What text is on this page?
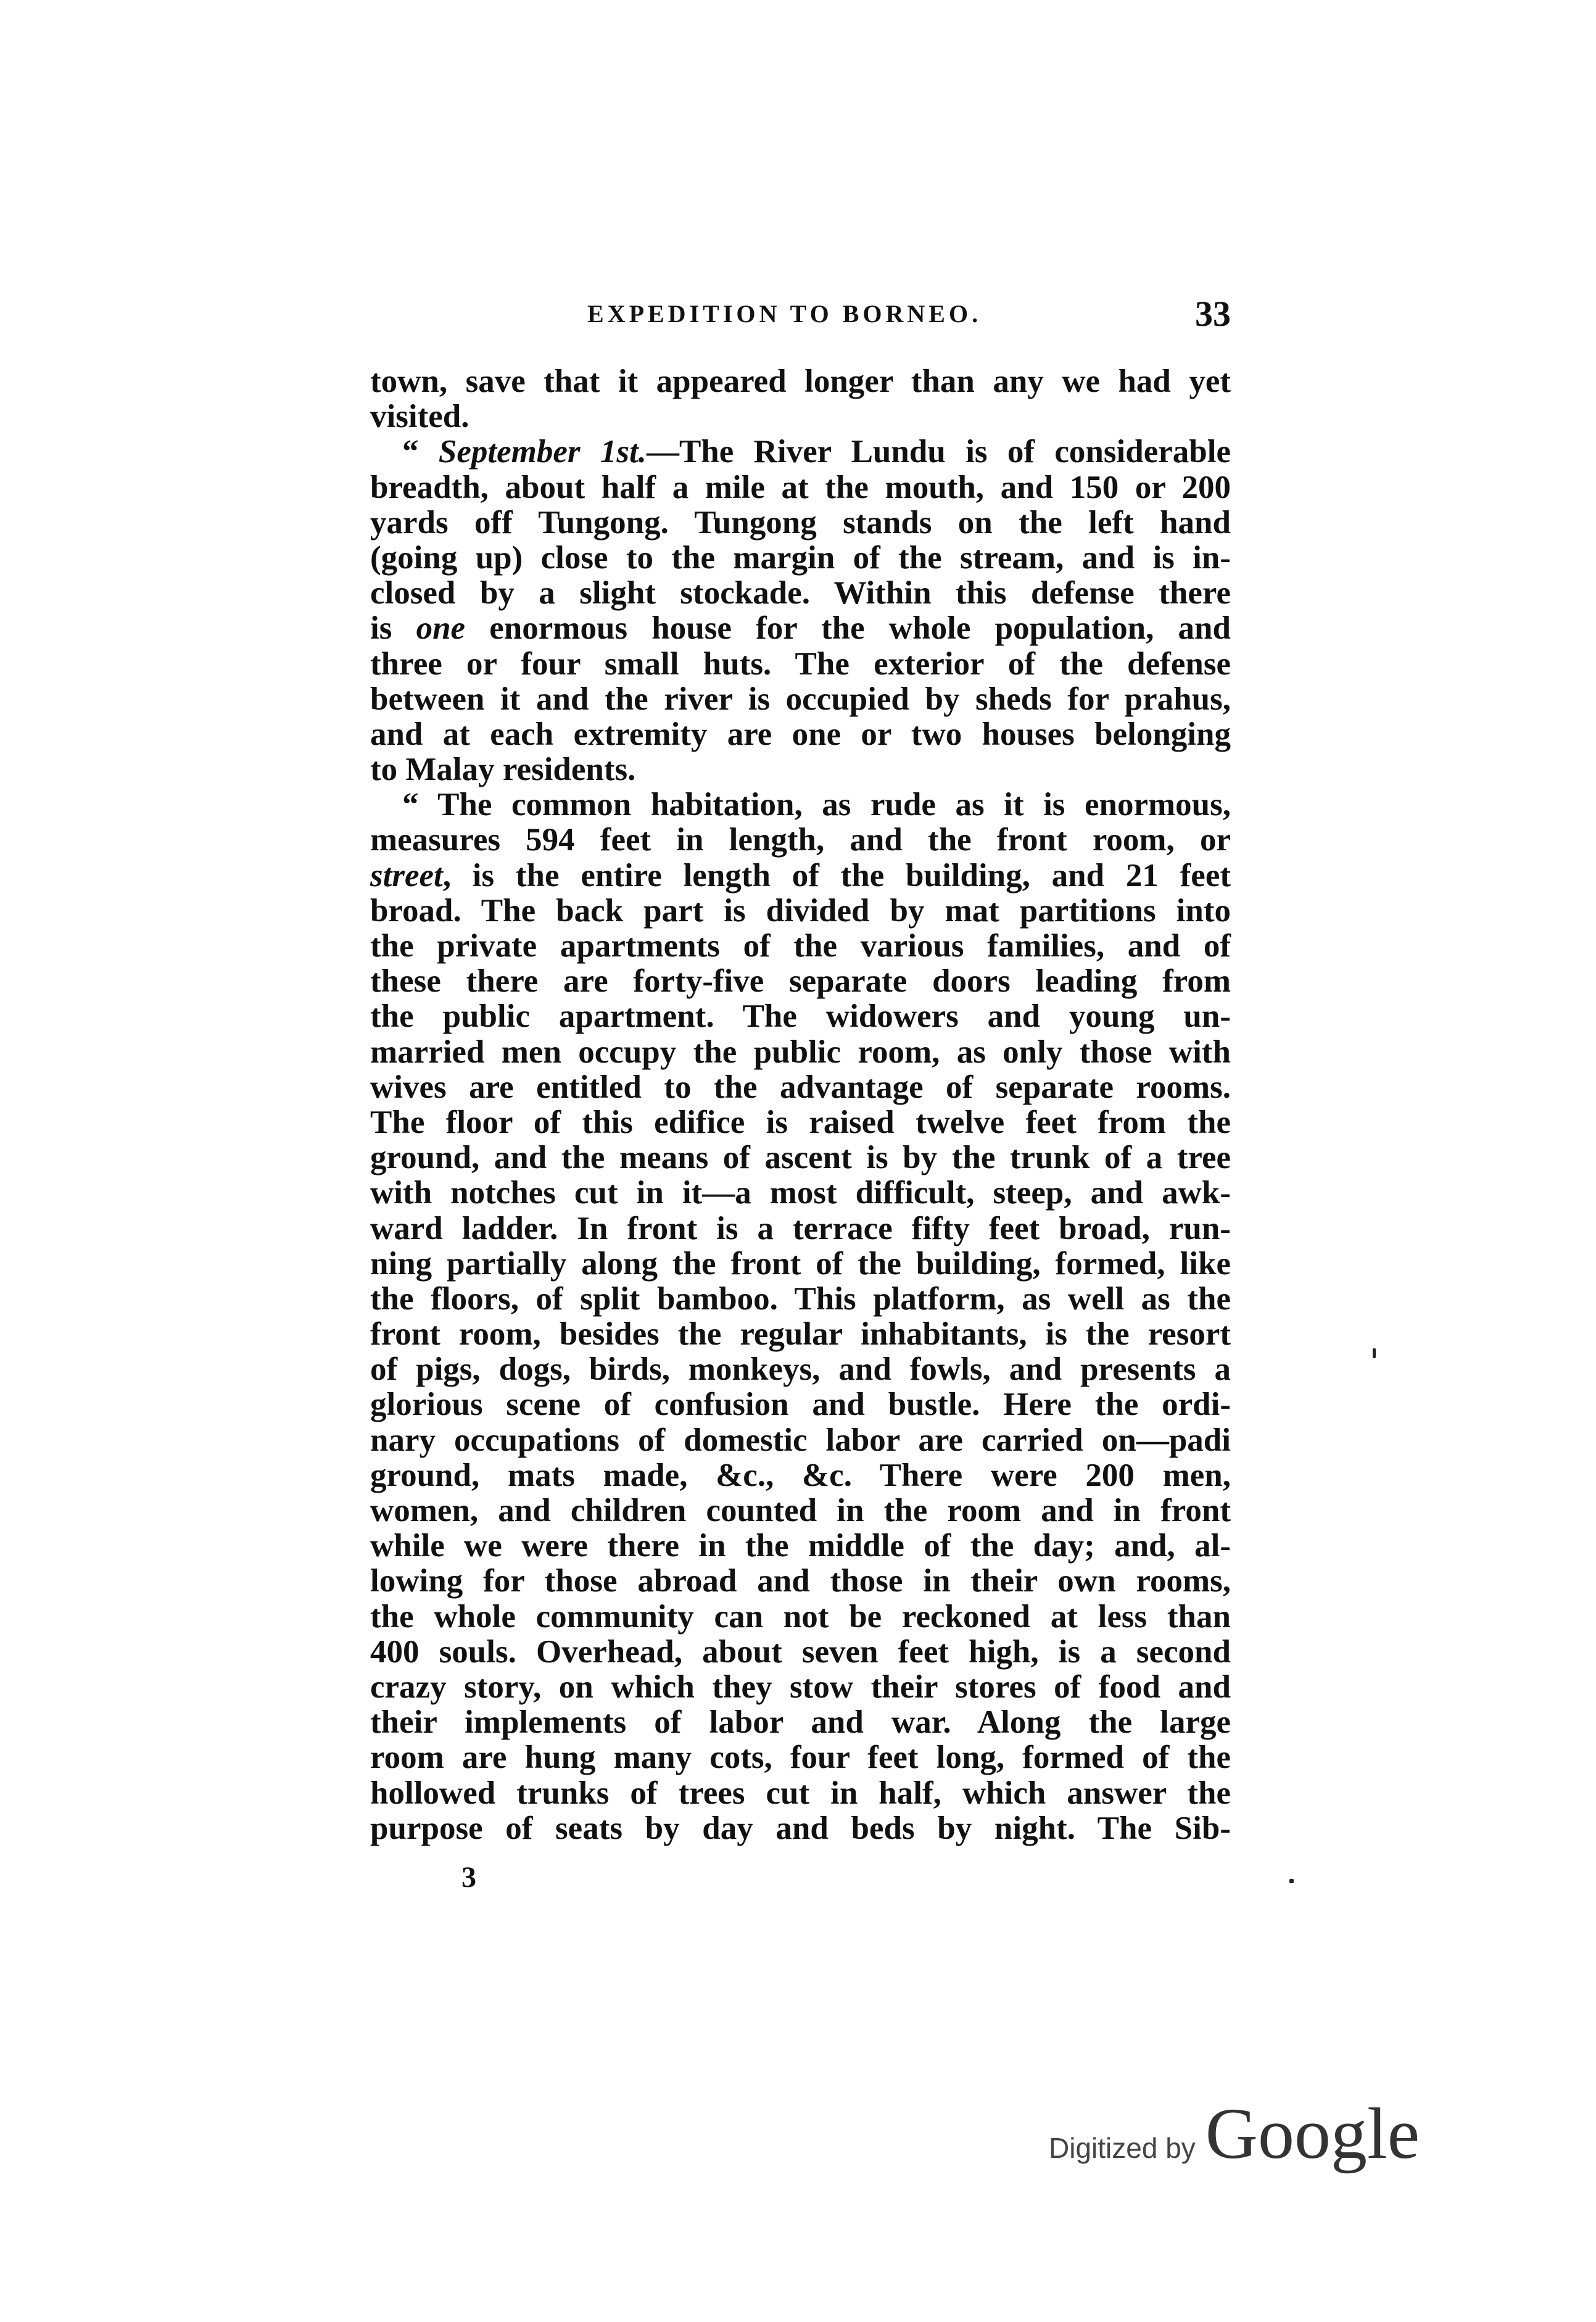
EXPEDITION TO BORNEO.	33
town, save that it appeared longer than any we had yet
visited.
“ September 1st.—The River Lundu is of considerable
breadth, about half a mile at the mouth, and 150 or 200
yards off Tungong. Tungong stands on the left hand
(going up) close to the margin of the stream, and is in-
closed by a slight stockade. Within this defense there
is one enormous house for the whole population, and
three or four small huts. The exterior of the defense
between it and the river is occupied by sheds for prahus,
and at each extremity are one or two houses belonging
to Malay residents.
“ The common habitation, as rude as it is enormous,
measures 594 feet in length, and the front room, or
street, is the entire length of the building, and 21 feet
broad. The back part is divided by mat partitions into
the private apartments of the various families, and of
these there are forty-five separate doors leading from
the public apartment. The widowers and young un-
married men occupy the public room, as only those with
wives are entitled to the advantage of separate rooms.
The floor of this edifice is raised twelve feet from the
ground, and the means of ascent is by the trunk of a tree
with notches cut in it—a most difficult, steep, and awk-
ward ladder. In front is a terrace fifty feet broad, run-
ning partially along the front of the building, formed, like
the floors, of split bamboo. This platform, as well as the
front room, besides the regular inhabitants, is the resort
of pigs, dogs, birds, monkeys, and fowls, and presents a
glorious scene of confusion and bustle. Here the ordi-
nary occupations of domestic labor are carried on—padi
ground, mats made, &c., &c. There were 200 men,
women, and children counted in the room and in front
while we were there in the middle of the day; and, al-
lowing for those abroad and those in their own rooms,
the whole community can not be reckoned at less than
400 souls. Overhead, about seven feet high, is a second
crazy story, on which they stow their stores of food and
their implements of labor and war. Along the large
room are hung many cots, four feet long, formed of the
hollowed trunks of trees cut in half, which answer the
purpose of seats by day and beds by night. The Sib-
3
Digitized by Google
